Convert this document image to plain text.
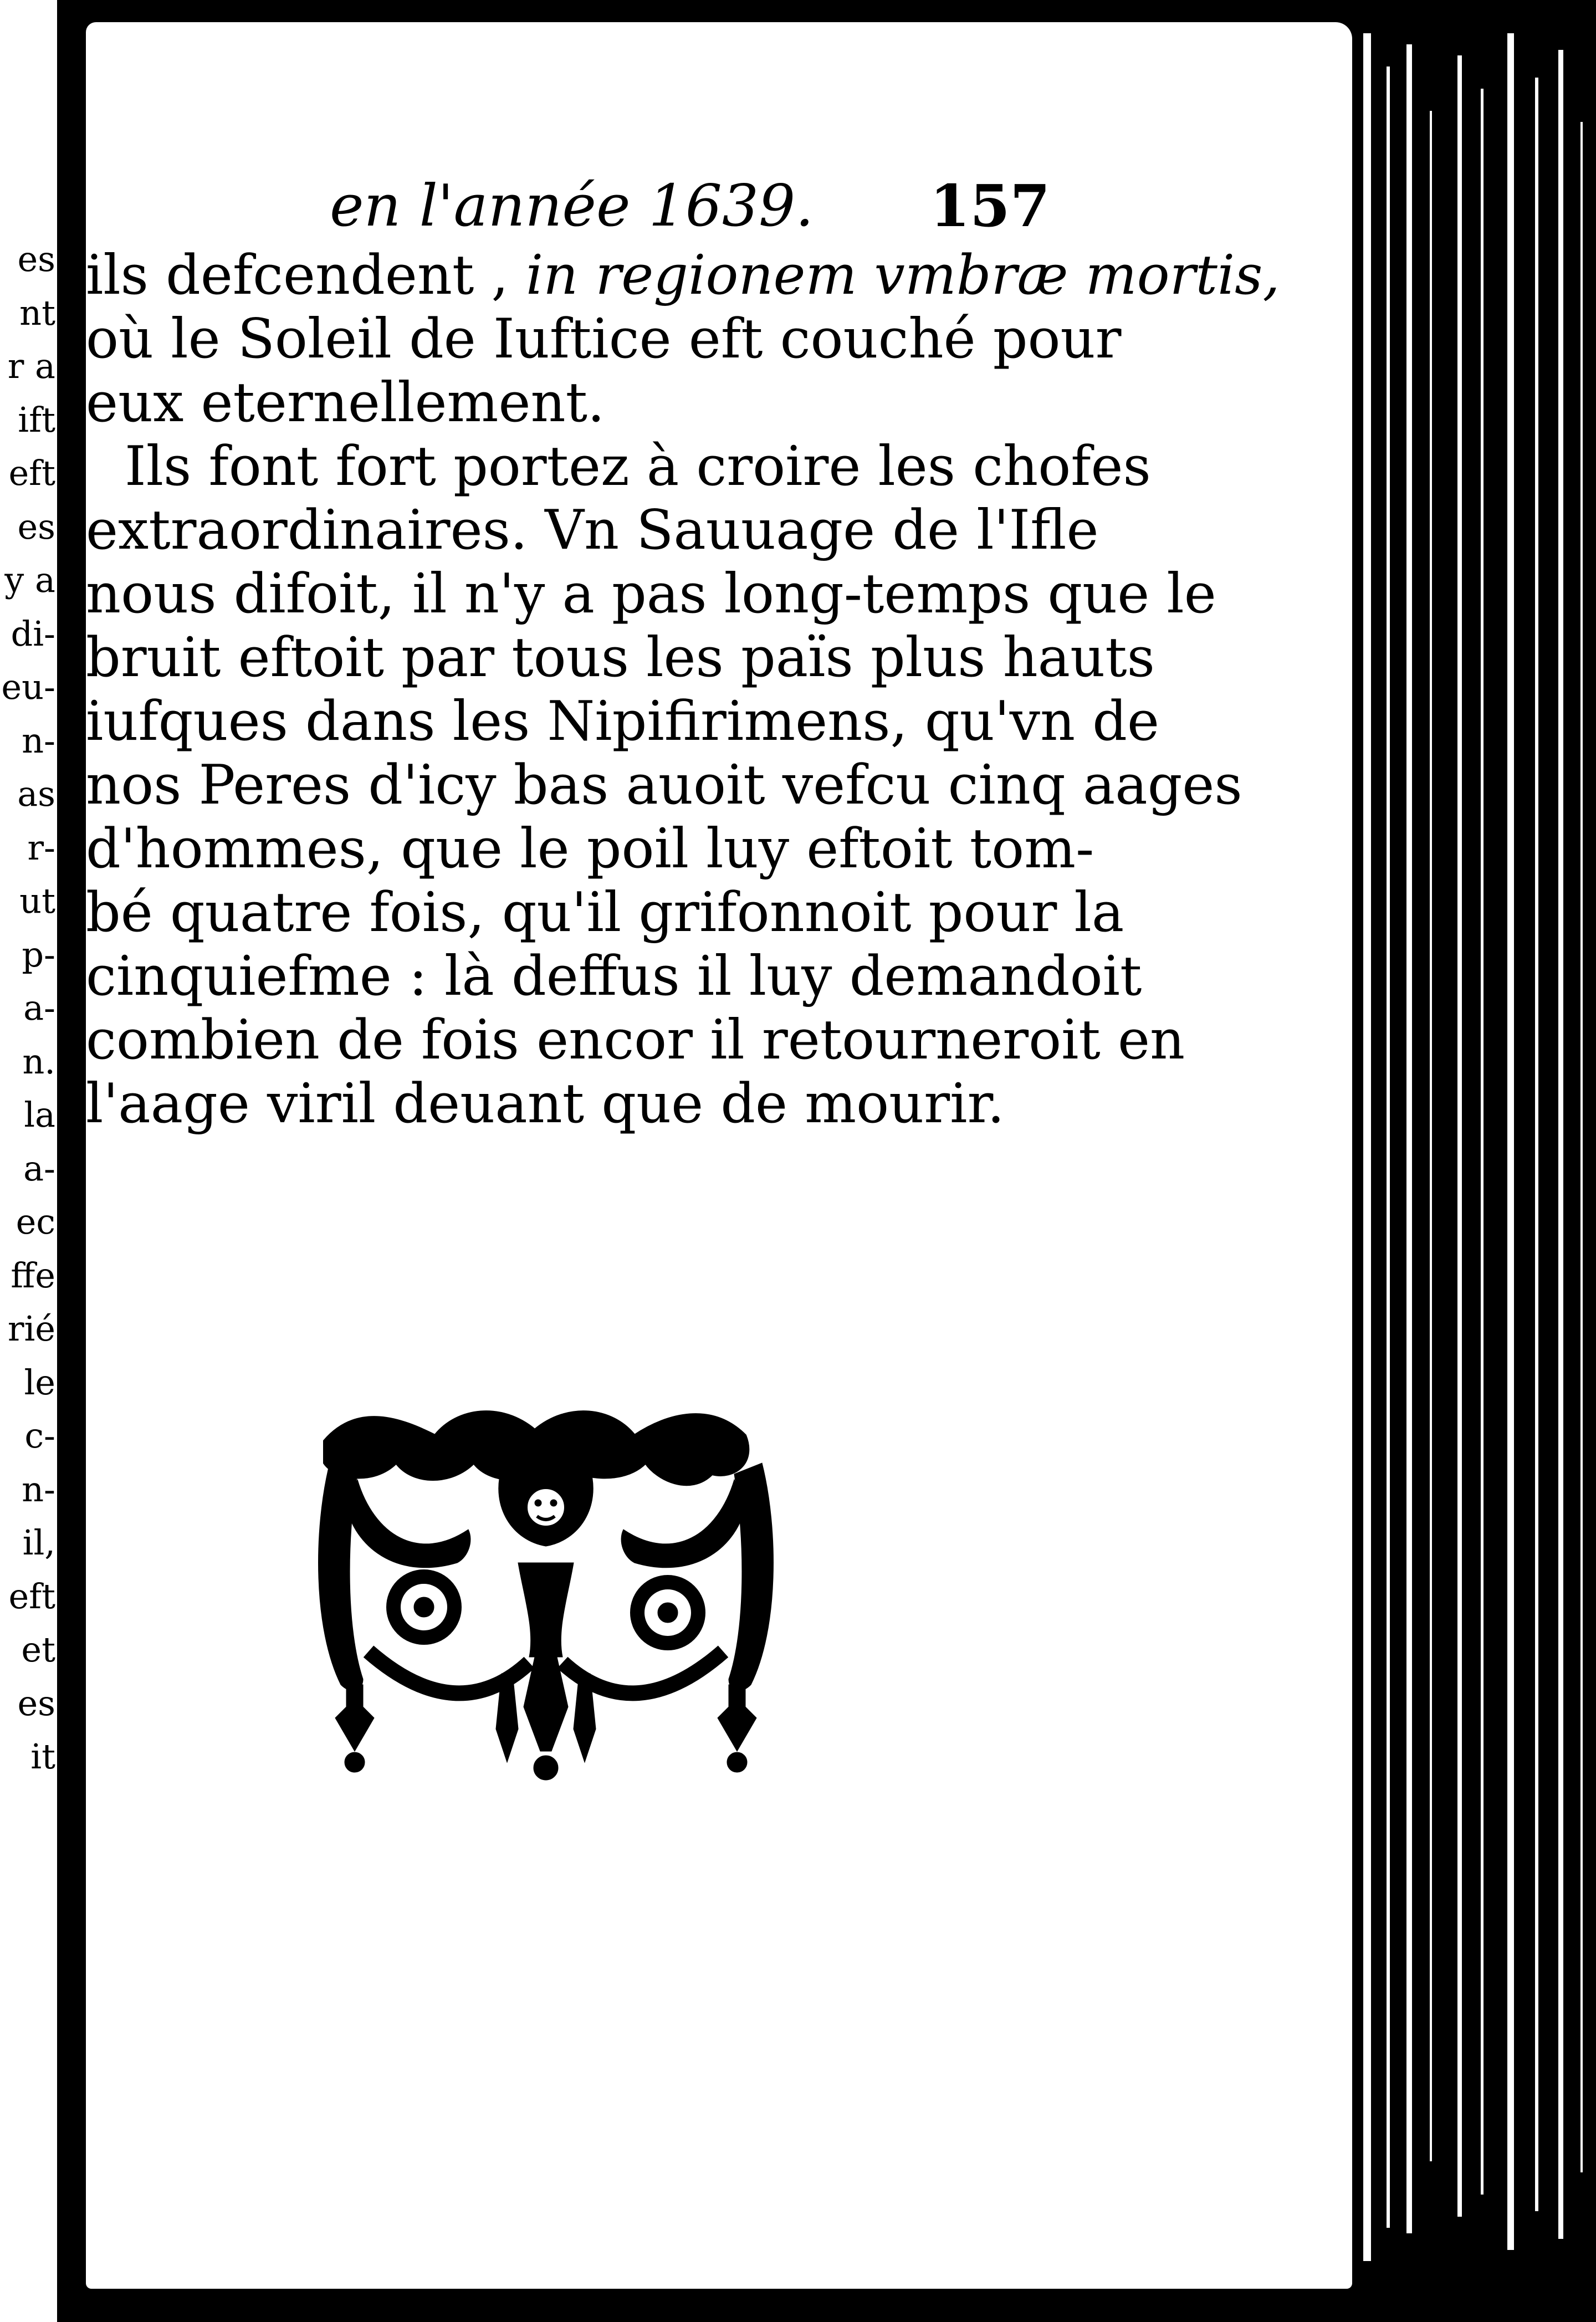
es
nt
r a
ift
eft
es
y a
di-
eu-
n-
as
r-
ut
p-
a-
n.
la
a-
ec
ffe
rié
le
c-
n-
il,
eft
et
es
it
en l'année 1639. 157
ils defcendent , in regionem vmbræ mortis,
où le Soleil de Iuftice eft couché pour
eux eternellement.
Ils font fort portez à croire les chofes
extraordinaires. Vn Sauuage de l'Ifle
nous difoit, il n'y a pas long-temps que le
bruit eftoit par tous les païs plus hauts
iufques dans les Nipifirimens, qu'vn de
nos Peres d'icy bas auoit vefcu cinq aages
d'hommes, que le poil luy eftoit tom-
bé quatre fois, qu'il grifonnoit pour la
cinquiefme : là deffus il luy demandoit
combien de fois encor il retourneroit en
l'aage viril deuant que de mourir.
